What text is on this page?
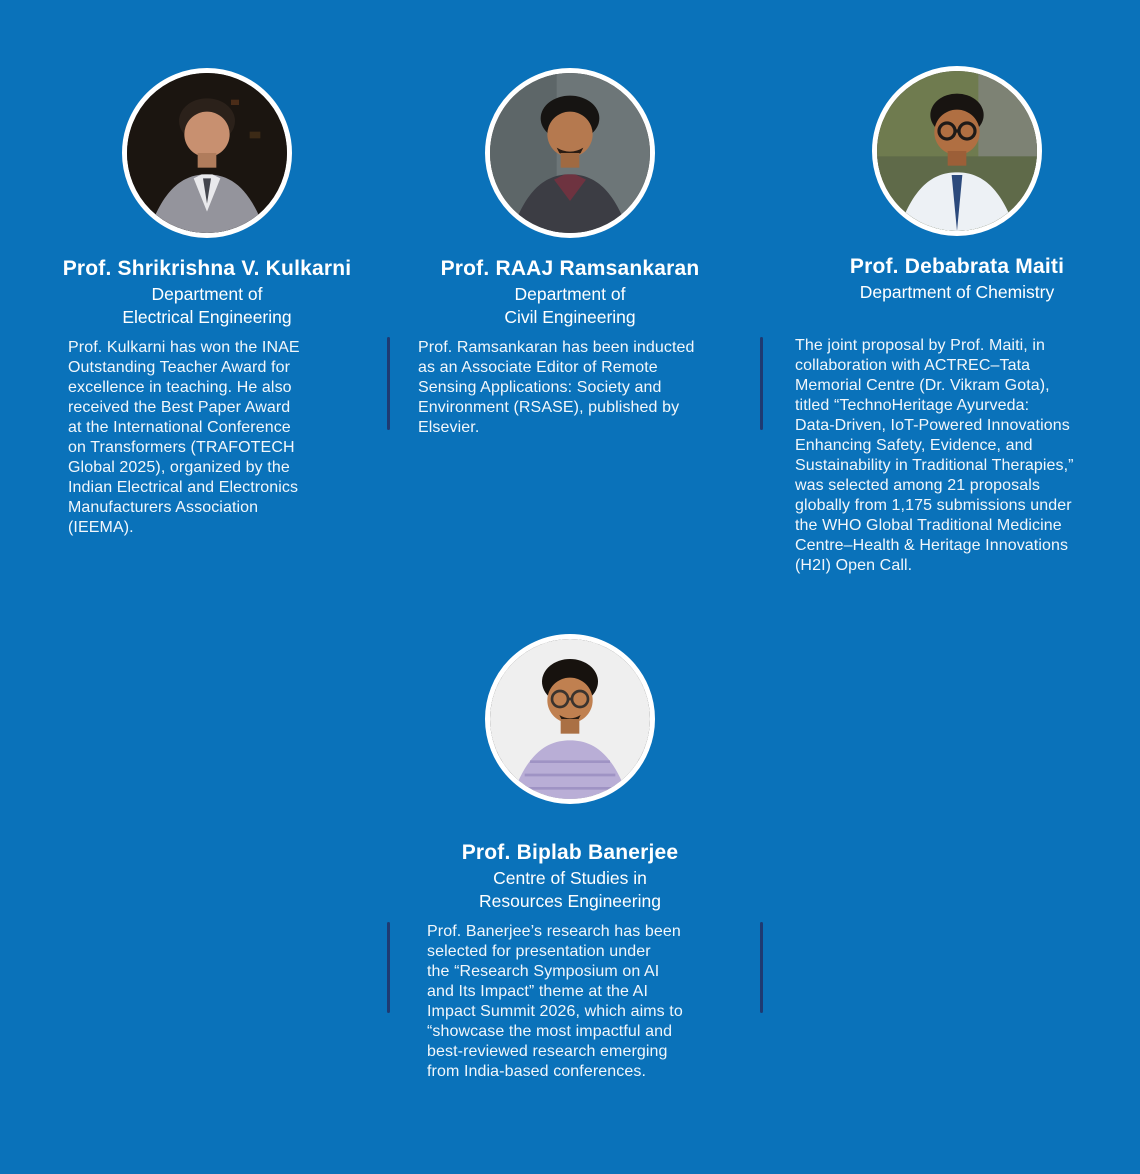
Prof. Shrikrishna V. Kulkarni
Department of
Electrical Engineering

Prof. Kulkarni has won the INAE
Outstanding Teacher Award for
excellence in teaching. He also
received the Best Paper Award
at the International Conference
on Transformers (TRAFOTECH
Global 2025), organized by the
Indian Electrical and Electronics
Manufacturers Association
(IEEMA).

Prof. RAAJ Ramsankaran
Department of
Civil Engineering

Prof. Ramsankaran has been inducted
as an Associate Editor of Remote
Sensing Applications: Society and
Environment (RSASE), published by
Elsevier.

Prof. Debabrata Maiti
Department of Chemistry

The joint proposal by Prof. Maiti, in
collaboration with ACTREC–Tata
Memorial Centre (Dr. Vikram Gota),
titled “TechnoHeritage Ayurveda:
Data-Driven, IoT-Powered Innovations
Enhancing Safety, Evidence, and
Sustainability in Traditional Therapies,”
was selected among 21 proposals
globally from 1,175 submissions under
the WHO Global Traditional Medicine
Centre–Health & Heritage Innovations
(H2I) Open Call.

Prof. Biplab Banerjee
Centre of Studies in
Resources Engineering

Prof. Banerjee’s research has been
selected for presentation under
the “Research Symposium on AI
and Its Impact” theme at the AI
Impact Summit 2026, which aims to
“showcase the most impactful and
best-reviewed research emerging
from India-based conferences.
